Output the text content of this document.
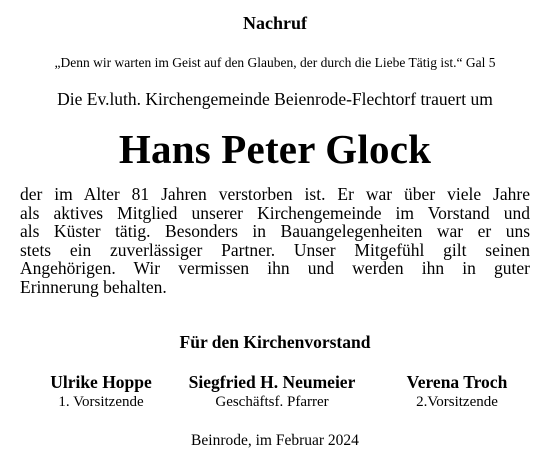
Nachruf
„Denn wir warten im Geist auf den Glauben, der durch die Liebe Tätig ist.“ Gal 5
Die Ev.luth. Kirchengemeinde Beienrode-Flechtorf trauert um
Hans Peter Glock
der im Alter 81 Jahren verstorben ist. Er war über viele Jahre
als aktives Mitglied unserer Kirchengemeinde im Vorstand und
als Küster tätig. Besonders in Bauangelegenheiten war er uns
stets ein zuverlässiger Partner. Unser Mitgefühl gilt seinen
Angehörigen. Wir vermissen ihn und werden ihn in guter
Erinnerung behalten.
Für den Kirchenvorstand
Ulrike Hoppe
1. Vorsitzende
Siegfried H. Neumeier
Geschäftsf. Pfarrer
Verena Troch
2.Vorsitzende
Beinrode, im Februar 2024
